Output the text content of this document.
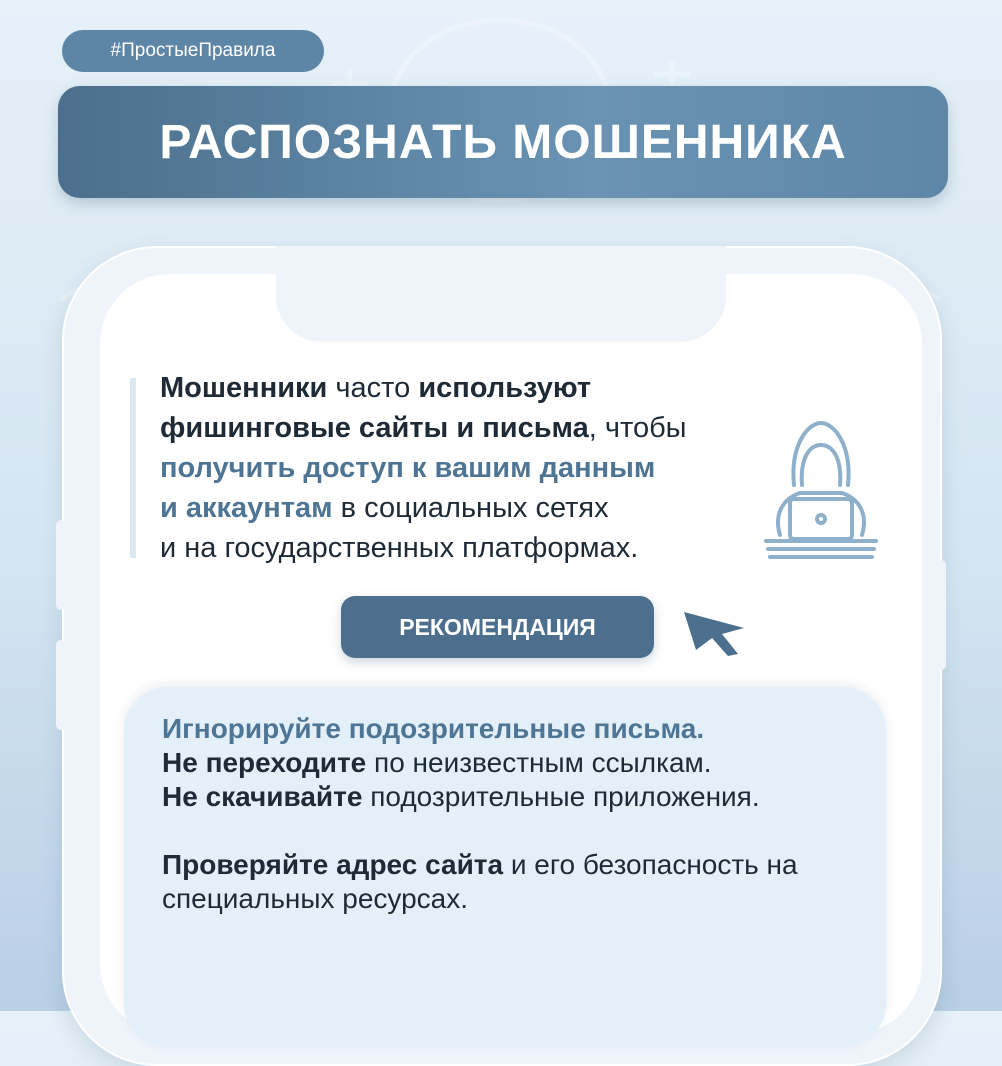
#ПростыеПравила
РАСПОЗНАТЬ МОШЕННИКА
Мошенники часто используют
фишинговые сайты и письма, чтобы
получить доступ к вашим данным
и аккаунтам в социальных сетях
и на государственных платформах.
РЕКОМЕНДАЦИЯ

Игнорируйте подозрительные письма.

Не переходите по неизвестным ссылкам.

Не скачивайте подозрительные приложения.

Проверяйте адрес сайта и его безопасность на специальных ресурсах.
